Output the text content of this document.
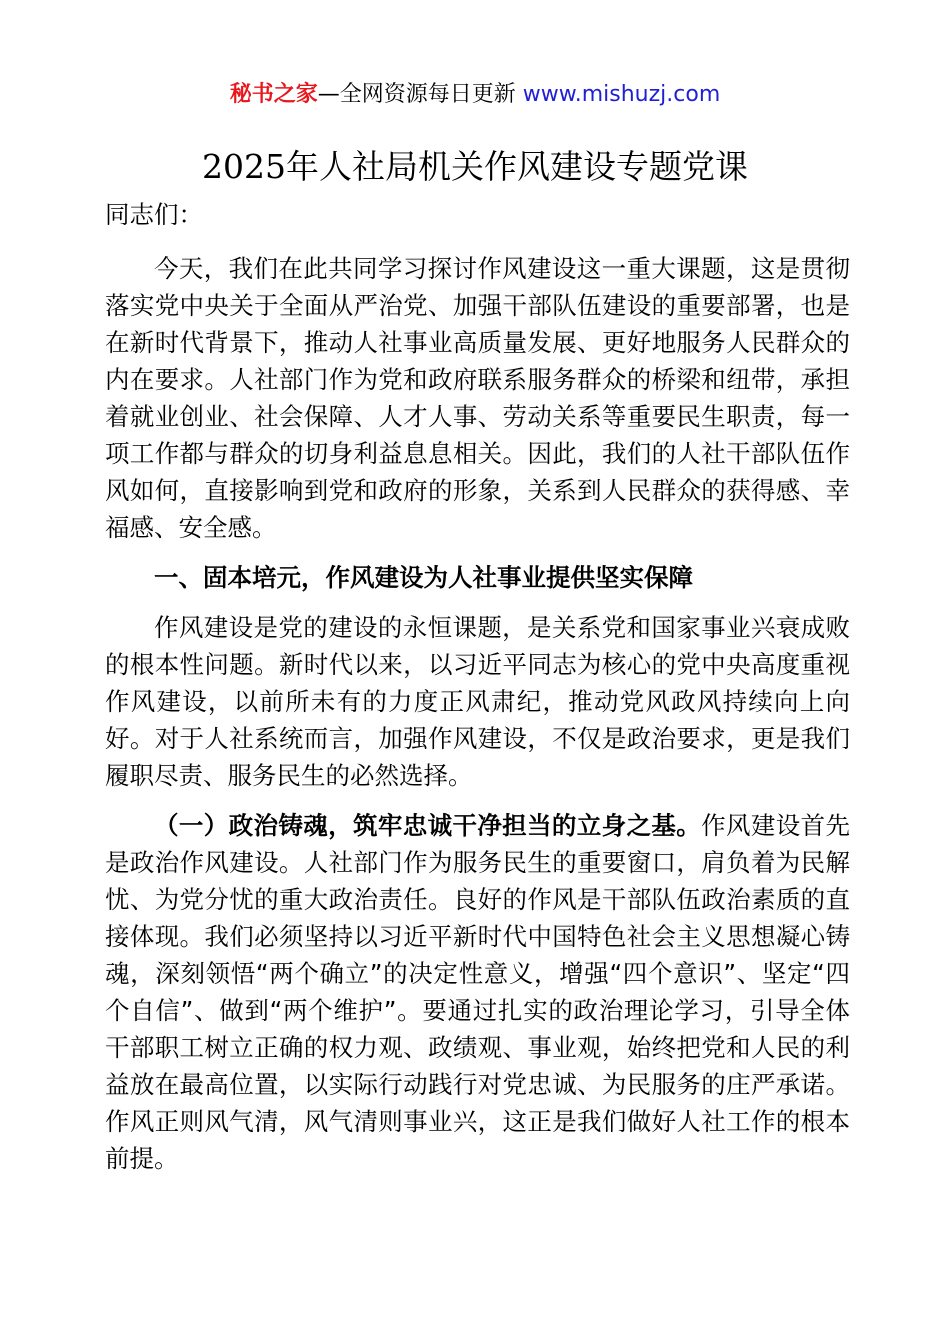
秘书之家—全网资源每日更新 www.mishuzj.com
2025年人社局机关作风建设专题党课

同志们：

今天，我们在此共同学习探讨作风建设这一重大课题，这是贯彻落实党中央关于全面从严治党、加强干部队伍建设的重要部署，也是在新时代背景下，推动人社事业高质量发展、更好地服务人民群众的内在要求。人社部门作为党和政府联系服务群众的桥梁和纽带，承担着就业创业、社会保障、人才人事、劳动关系等重要民生职责，每一项工作都与群众的切身利益息息相关。因此，我们的人社干部队伍作风如何，直接影响到党和政府的形象，关系到人民群众的获得感、幸福感、安全感。

一、固本培元，作风建设为人社事业提供坚实保障

作风建设是党的建设的永恒课题，是关系党和国家事业兴衰成败的根本性问题。新时代以来，以习近平同志为核心的党中央高度重视作风建设，以前所未有的力度正风肃纪，推动党风政风持续向上向好。对于人社系统而言，加强作风建设，不仅是政治要求，更是我们履职尽责、服务民生的必然选择。

（一）政治铸魂，筑牢忠诚干净担当的立身之基。作风建设首先是政治作风建设。人社部门作为服务民生的重要窗口，肩负着为民解忧、为党分忧的重大政治责任。良好的作风是干部队伍政治素质的直接体现。我们必须坚持以习近平新时代中国特色社会主义思想凝心铸魂，深刻领悟“两个确立”的决定性意义，增强“四个意识”、坚定“四个自信”、做到“两个维护”。要通过扎实的政治理论学习，引导全体干部职工树立正确的权力观、政绩观、事业观，始终把党和人民的利益放在最高位置，以实际行动践行对党忠诚、为民服务的庄严承诺。作风正则风气清，风气清则事业兴，这正是我们做好人社工作的根本前提。
